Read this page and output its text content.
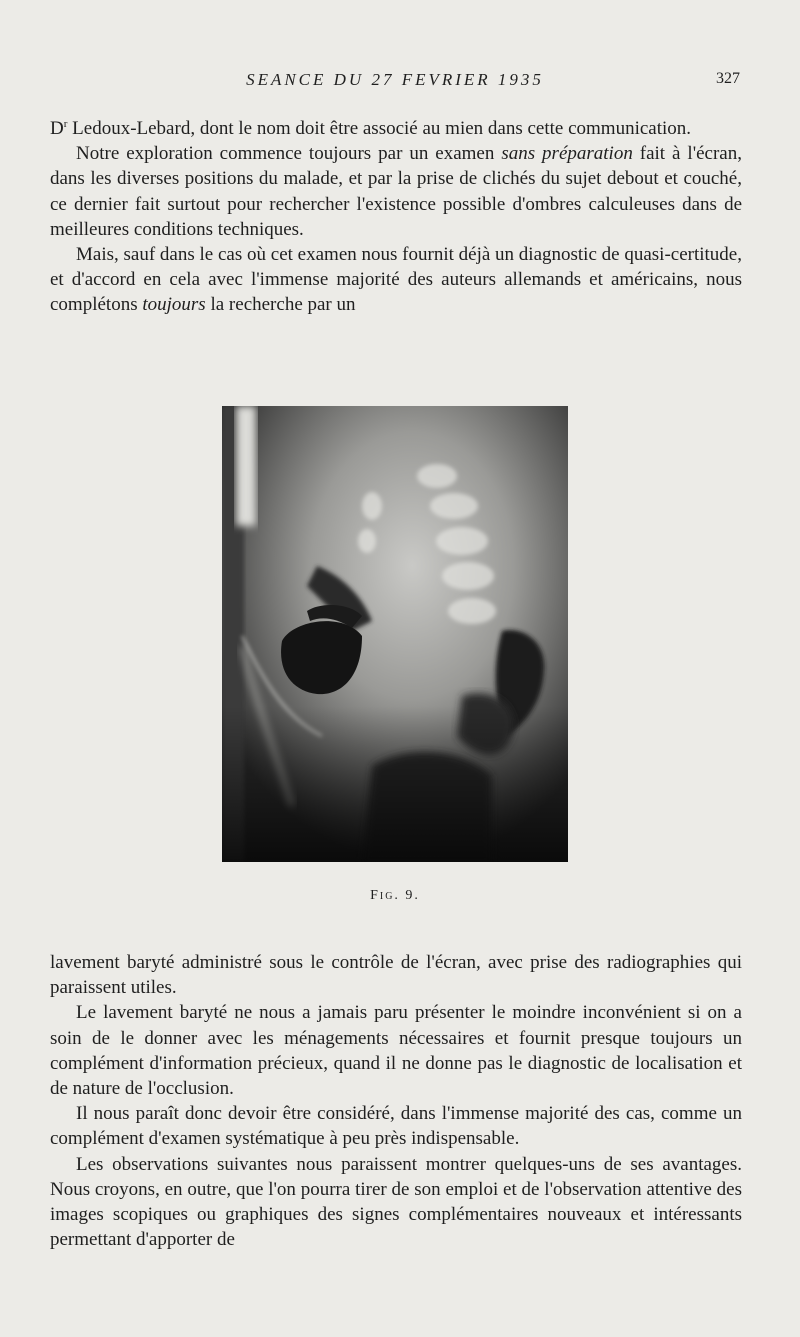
SEANCE DU 27 FEVRIER 1935	327

$D^r$ Ledoux-Lebard, dont le nom doit être associé au mien dans cette communication.

Notre exploration commence toujours par un examen sans préparation fait à l'écran, dans les diverses positions du malade, et par la prise de clichés du sujet debout et couché, ce dernier fait surtout pour rechercher l'existence possible d'ombres calculeuses dans de meilleures conditions techniques.

Mais, sauf dans le cas où cet examen nous fournit déjà un diagnostic de quasi-certitude, et d'accord en cela avec l'immense majorité des auteurs allemands et américains, nous complétons toujours la recherche par un

Fig. 9.

lavement baryté administré sous le contrôle de l'écran, avec prise des radiographies qui paraissent utiles.

Le lavement baryté ne nous a jamais paru présenter le moindre inconvénient si on a soin de le donner avec les ménagements nécessaires et fournit presque toujours un complément d'information précieux, quand il ne donne pas le diagnostic de localisation et de nature de l'occlusion.

Il nous paraît donc devoir être considéré, dans l'immense majorité des cas, comme un complément d'examen systématique à peu près indispensable.

Les observations suivantes nous paraissent montrer quelques-uns de ses avantages. Nous croyons, en outre, que l'on pourra tirer de son emploi et de l'observation attentive des images scopiques ou graphiques des signes complémentaires nouveaux et intéressants permettant d'apporter de
